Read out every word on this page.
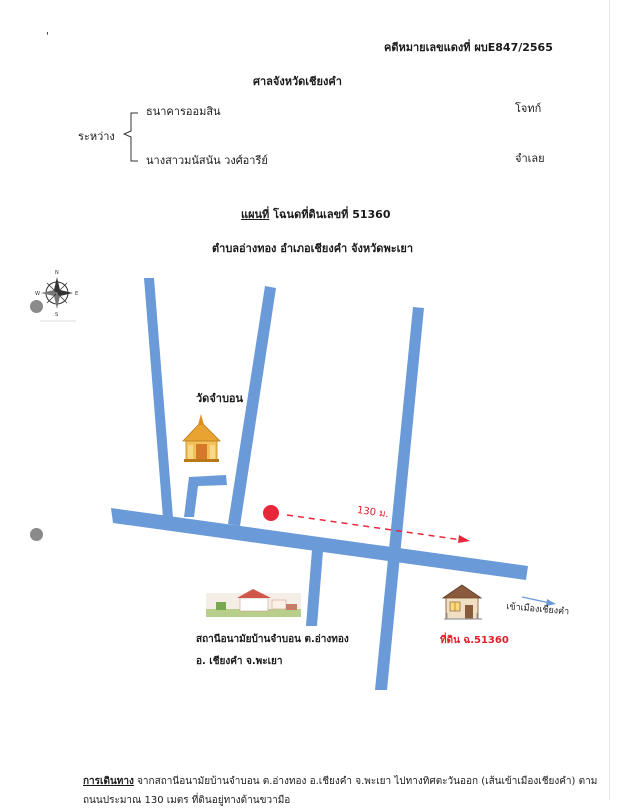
'
คดีหมายเลขแดงที่ ผบE847/2565
ศาลจังหวัดเชียงคำ
ธนาคารออมสิน	โจทก์
ระหว่าง
นางสาวมนัสนัน วงศ์อารีย์	จำเลย
แผนที่ โฉนดที่ดินเลขที่ 51360
ตำบลอ่างทอง อำเภอเชียงคำ จังหวัดพะเยา
N
E
S
W
วัดจำบอน
130 ม.
สถานีอนามัยบ้านจำบอน ต.อ่างทอง
อ. เชียงคำ จ.พะเยา
ที่ดิน ฉ.51360
เข้าเมืองเชียงคำ
การเดินทาง จากสถานีอนามัยบ้านจำบอน ต.อ่างทอง อ.เชียงคำ จ.พะเยา ไปทางทิศตะวันออก (เส้นเข้าเมืองเชียงคำ) ตาม
ถนนประมาณ 130 เมตร ที่ดินอยู่ทางด้านขวามือ
